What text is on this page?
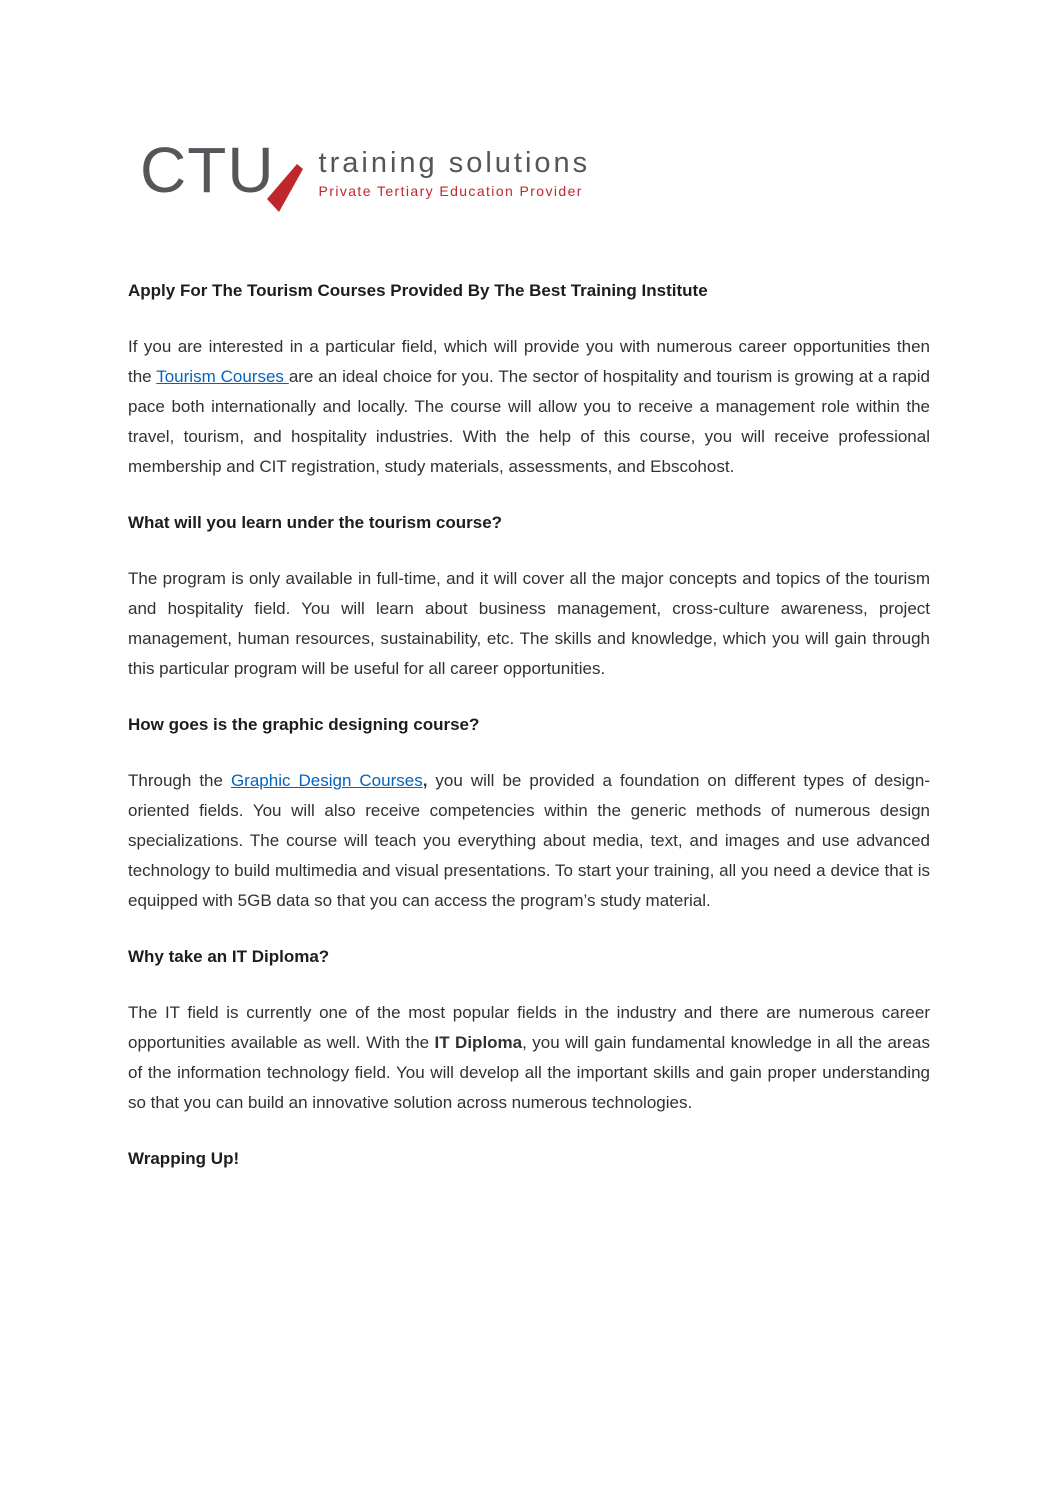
CTU training solutions
Private Tertiary Education Provider
Apply For The Tourism Courses Provided By The Best Training Institute

If you are interested in a particular field, which will provide you with numerous career opportunities then the Tourism Courses are an ideal choice for you. The sector of hospitality and tourism is growing at a rapid pace both internationally and locally. The course will allow you to receive a management role within the travel, tourism, and hospitality industries. With the help of this course, you will receive professional membership and CIT registration, study materials, assessments, and Ebscohost.

What will you learn under the tourism course?

The program is only available in full-time, and it will cover all the major concepts and topics of the tourism and hospitality field. You will learn about business management, cross-culture awareness, project management, human resources, sustainability, etc. The skills and knowledge, which you will gain through this particular program will be useful for all career opportunities.

How goes is the graphic designing course?

Through the Graphic Design Courses, you will be provided a foundation on different types of design-oriented fields. You will also receive competencies within the generic methods of numerous design specializations. The course will teach you everything about media, text, and images and use advanced technology to build multimedia and visual presentations. To start your training, all you need a device that is equipped with 5GB data so that you can access the program’s study material.

Why take an IT Diploma?

The IT field is currently one of the most popular fields in the industry and there are numerous career opportunities available as well. With the IT Diploma, you will gain fundamental knowledge in all the areas of the information technology field. You will develop all the important skills and gain proper understanding so that you can build an innovative solution across numerous technologies.

Wrapping Up!
